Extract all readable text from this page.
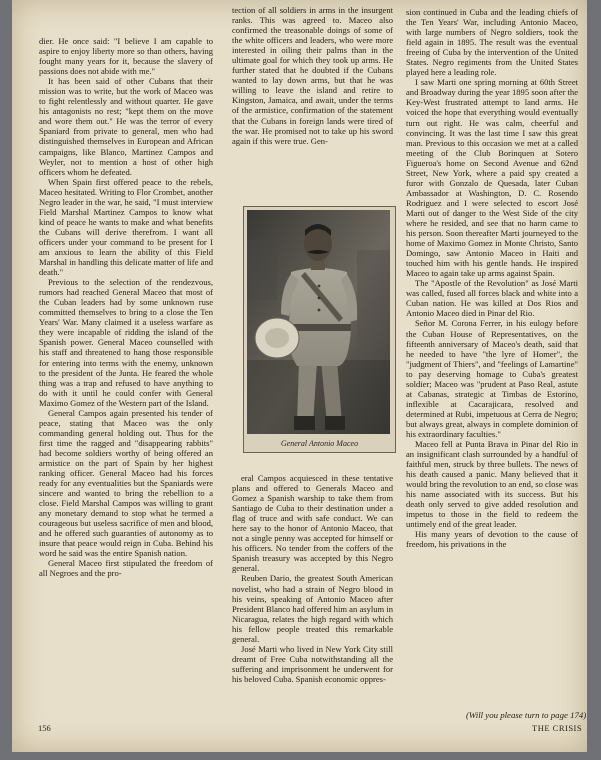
dier. He once said: "I believe I am capable to aspire to enjoy liberty more so than others, having fought many years for it, because the slavery of passions does not abide with me."

It has been said of other Cubans that their mission was to write, but the work of Maceo was to fight relentlessly and without quarter. He gave his antagonists no rest; "kept them on the move and wore them out." He was the terror of every Spaniard from private to general, men who had distinguished themselves in European and African campaigns, like Blanco, Martinez Campos and Weyler, not to mention a host of other high officers whom he defeated.

When Spain first offered peace to the rebels, Maceo hesitated. Writing to Flor Crombet, another Negro leader in the war, he said, "I must interview Field Marshal Martinez Campos to know what kind of peace he wants to make and what benefits the Cubans will derive therefrom. I want all officers under your command to be present for I am anxious to learn the ability of this Field Marshal in handling this delicate matter of life and death."

Previous to the selection of the rendezvous, rumors had reached General Maceo that most of the Cuban leaders had by some unknown ruse committed themselves to bring to a close the Ten Years' War. Many claimed it a useless warfare as they were incapable of ridding the island of the Spanish power. General Maceo counselled with his staff and threatened to hang those responsible for entering into terms with the enemy, unknown to the president of the Junta. He feared the whole thing was a trap and refused to have anything to do with it until he could confer with General Maximo Gomez of the Western part of the Island.

General Campos again presented his tender of peace, stating that Maceo was the only commanding general holding out. Thus for the first time the ragged and "disappearing rabbits" had become soldiers worthy of being offered an armistice on the part of Spain by her highest ranking officer. General Maceo had his forces ready for any eventualities but the Spaniards were sincere and wanted to bring the rebellion to a close. Field Marshal Campos was willing to grant any monetary demand to stop what he termed a courageous but useless sacrifice of men and blood, and he offered such guaranties of autonomy as to insure that peace would reign in Cuba. Behind his word he said was the entire Spanish nation.

General Maceo first stipulated the freedom of all Negroes and the pro-

tection of all soldiers in arms in the insurgent ranks. This was agreed to. Maceo also confirmed the treasonable doings of some of the white officers and leaders, who were more interested in oiling their palms than in the ultimate goal for which they took up arms. He further stated that he doubted if the Cubans wanted to lay down arms, but that he was willing to leave the island and retire to Kingston, Jamaica, and await, under the terms of the armistice, confirmation of the statement that the Cubans in foreign lands were tired of the war. He promised not to take up his sword again if this were true. Gen-

General Antonio Maceo

eral Campos acquiesced in these tentative plans and offered to Generals Maceo and Gomez a Spanish warship to take them from Santiago de Cuba to their destination under a flag of truce and with safe conduct. We can here say to the honor of Antonio Maceo, that not a single penny was accepted for himself or his officers. No tender from the coffers of the Spanish treasury was accepted by this Negro general.

Reuben Dario, the greatest South American novelist, who had a strain of Negro blood in his veins, speaking of Antonio Maceo after President Blanco had offered him an asylum in Nicaragua, relates the high regard with which his fellow people treated this remarkable general.

José Marti who lived in New York City still dreamt of Free Cuba notwithstanding all the suffering and imprisonment he underwent for his beloved Cuba. Spanish economic oppres-

sion continued in Cuba and the leading chiefs of the Ten Years' War, including Antonio Maceo, with large numbers of Negro soldiers, took the field again in 1895. The result was the eventual freeing of Cuba by the intervention of the United States. Negro regiments from the United States played here a leading role.

I saw Marti one spring morning at 60th Street and Broadway during the year 1895 soon after the Key-West frustrated attempt to land arms. He voiced the hope that everything would eventually turn out right. He was calm, cheerful and convincing. It was the last time I saw this great man. Previous to this occasion we met at a called meeting of the Club Borinquen at Sotero Figueroa's home on Second Avenue and 62nd Street, New York, where a paid spy created a furor with Gonzalo de Quesada, later Cuban Ambassador at Washington, D. C. Rosendo Rodriguez and I were selected to escort José Marti out of danger to the West Side of the city where he resided, and see that no harm came to his person. Soon thereafter Marti journeyed to the home of Maximo Gomez in Monte Christo, Santo Domingo, saw Antonio Maceo in Haiti and touched him with his gentle hands. He inspired Maceo to again take up arms against Spain.

The "Apostle of the Revolution" as José Marti was called, fused all forces black and white into a Cuban nation. He was killed at Dos Rios and Antonio Maceo died in Pinar del Rio.

Señor M. Corona Ferrer, in his eulogy before the Cuban House of Representatives, on the fifteenth anniversary of Maceo's death, said that he needed to have "the lyre of Homer", the "judgment of Thiers", and "feelings of Lamartine" to pay deserving homage to Cuba's greatest soldier; Maceo was "prudent at Paso Real, astute at Cabanas, strategic at Timbas de Estorino, inflexible at Cacarajicara, resolved and determined at Rubi, impetuous at Cerra de Negro; but always great, always in complete dominion of his extraordinary faculties."

Maceo fell at Punta Brava in Pinar del Rio in an insignificant clash surrounded by a handful of faithful men, struck by three bullets. The news of his death caused a panic. Many believed that it would bring the revolution to an end, so close was his name associated with its success. But his death only served to give added resolution and impetus to those in the field to redeem the untimely end of the great leader.

His many years of devotion to the cause of freedom, his privations in the

(Will you please turn to page 174)
156	THE CRISIS
